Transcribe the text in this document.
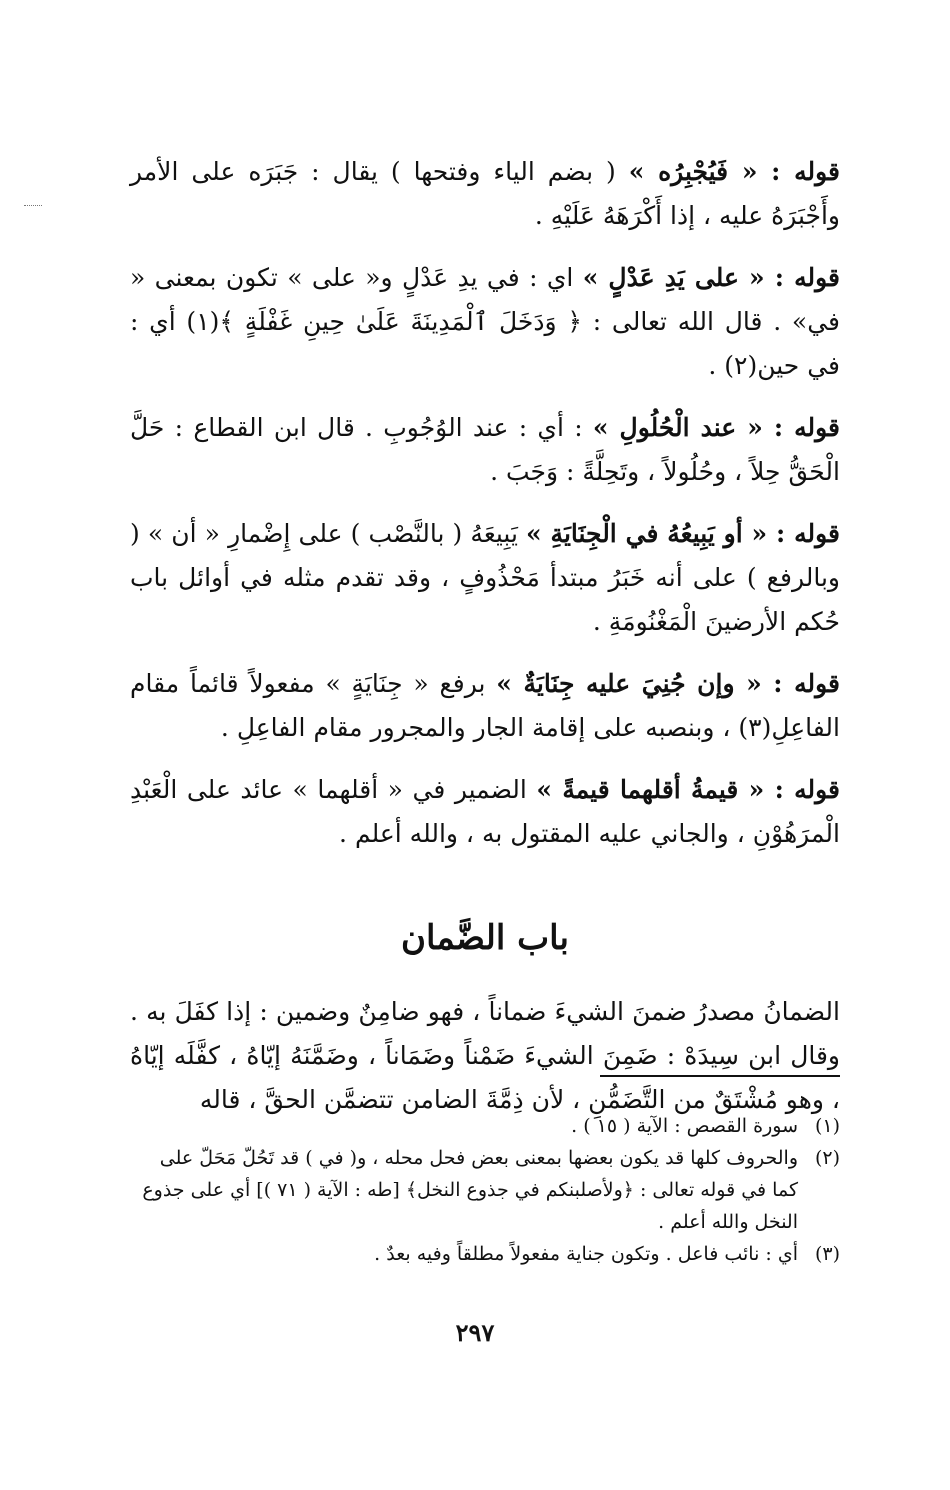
قوله : « فَيُجْبِرُه » ( بضم الياء وفتحها ) يقال : جَبَرَه على الأمر وأَجْبَرَهُ عليه ، إذا أَكْرَهَهُ عَلَيْهِ .

قوله : « على يَدِ عَدْلٍ » اي : في يدِ عَدْلٍ و« على » تكون بمعنى « في» . قال الله تعالى : ﴿ وَدَخَلَ ٱلْمَدِينَةَ عَلَىٰ حِينِ غَفْلَةٍ ﴾(١) أي : في حين(٢) .

قوله : « عند الْحُلُولِ » : أي : عند الوُجُوبِ . قال ابن القطاع : حَلَّ الْحَقُّ حِلاً ، وحُلُولاً ، وتَحِلَّةً : وَجَبَ .

قوله : « أو يَبِيعُهُ في الْجِنَايَةِ » يَبِيعَهُ ( بالنَّصْب ) على إِضْمارِ « أن » ( وبالرفع ) على أنه خَبَرُ مبتدأ مَحْذُوفٍ ، وقد تقدم مثله في أوائل باب حُكم الأرضينَ الْمَغْنُومَةِ .

قوله : « وإن جُنِيَ عليه جِنَايَةٌ » برفع « جِنَايَةٍ » مفعولاً قائماً مقام الفاعِلِ(٣) ، وبنصبه على إقامة الجار والمجرور مقام الفاعِلِ .

قوله : « قيمةُ أقلهما قيمةً » الضمير في « أقلهما » عائد على الْعَبْدِ الْمرَهُوْنِ ، والجاني عليه المقتول به ، والله أعلم .

باب الضَّمان

الضمانُ مصدرُ ضمنَ الشيءَ ضماناً ، فهو ضامِنٌ وضمين : إذا كفَلَ به . وقال ابن سِيدَهْ : ضَمِنَ الشيءَ ضَمْناً وضَمَاناً ، وضَمَّنَهُ إيّاهُ ، كفَّلَه إيّاهُ ، وهو مُشْتَقٌ من التَّضَمُّنِ ، لأن ذِمَّةَ الضامن تتضمَّن الحقَّ ، قاله

(١)
سورة القصص : الآية ( ١٥ ) .
(٢)
والحروف كلها قد يكون بعضها بمعنى بعض فحل محله ، و( في ) قد تَحُلّ مَحَلّ على كما في قوله تعالى : ﴿ولأصلبنكم في جذوع النخل﴾ [طه : الآية ( ٧١ )] أي على جذوع النخل والله أعلم .
(٣)
أي : نائب فاعل . وتكون جناية مفعولاً مطلقاً وفيه بعدٌ .
٢٩٧
